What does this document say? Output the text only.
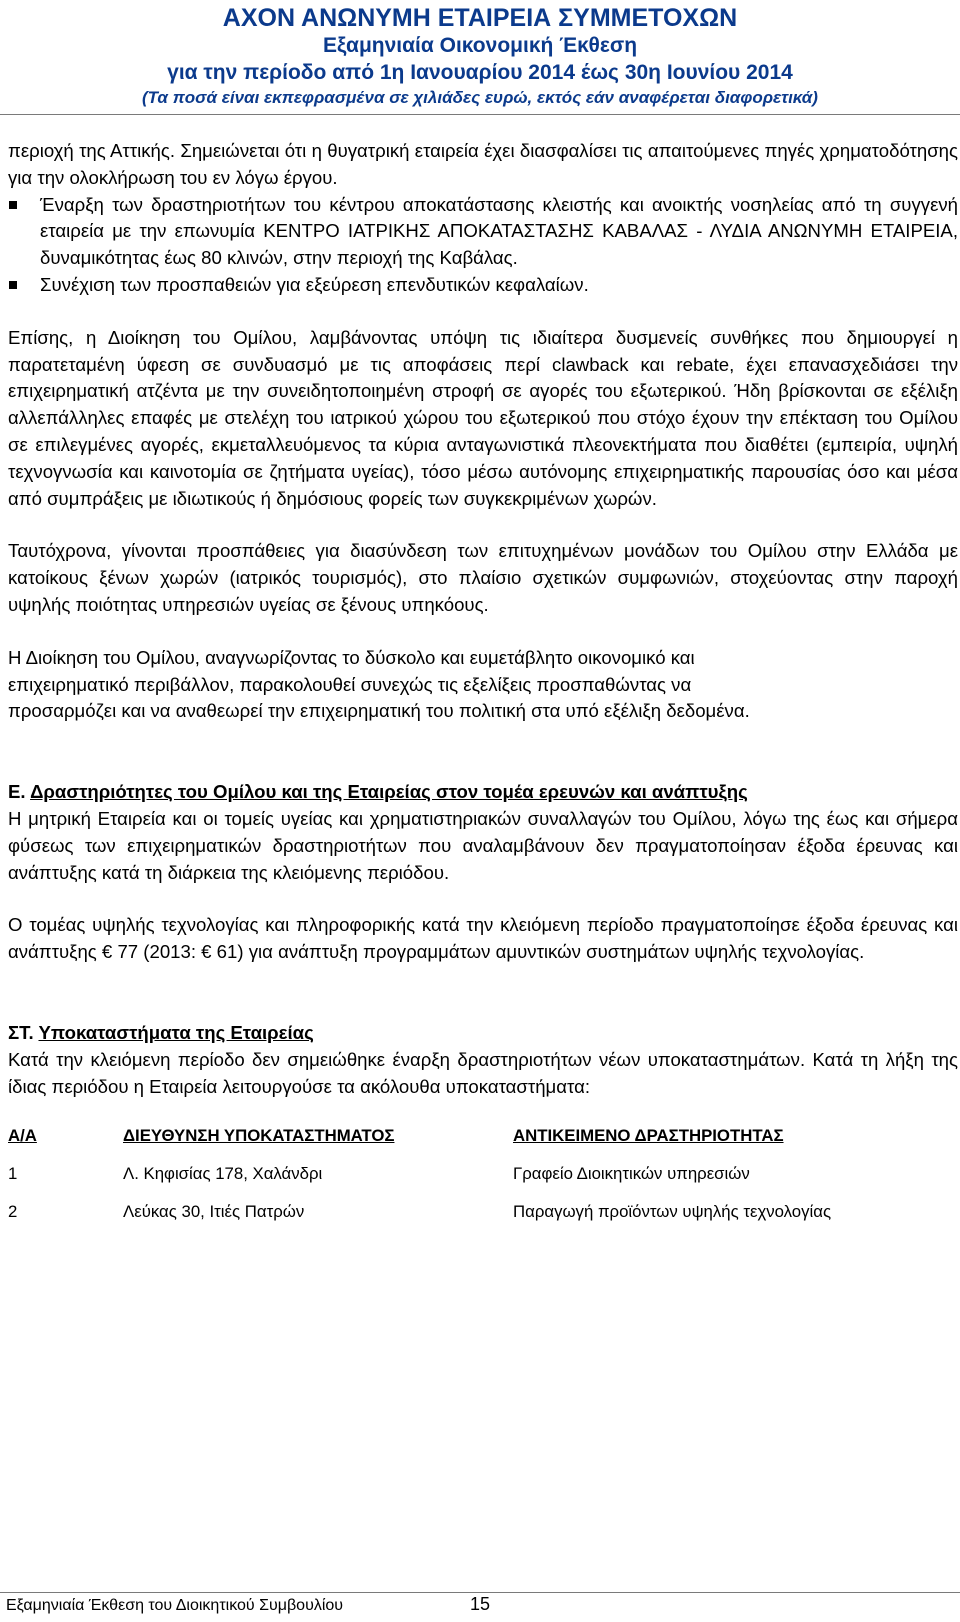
ΑΧΟΝ ΑΝΩΝΥΜΗ ΕΤΑΙΡΕΙΑ ΣΥΜΜΕΤΟΧΩΝ
Εξαμηνιαία Οικονομική Έκθεση
για την περίοδο από 1η Ιανουαρίου 2014 έως 30η Ιουνίου 2014
(Τα ποσά είναι εκπεφρασμένα σε χιλιάδες ευρώ, εκτός εάν αναφέρεται διαφορετικά)

περιοχή της Αττικής. Σημειώνεται ότι η θυγατρική εταιρεία έχει διασφαλίσει τις απαιτούμενες πηγές χρηματοδότησης για την ολοκλήρωση του εν λόγω έργου.

Έναρξη των δραστηριοτήτων του κέντρου αποκατάστασης κλειστής και ανοικτής νοσηλείας από τη συγγενή εταιρεία με την επωνυμία ΚΕΝΤΡΟ ΙΑΤΡΙΚΗΣ ΑΠΟΚΑΤΑΣΤΑΣΗΣ ΚΑΒΑΛΑΣ - ΛΥΔΙΑ ΑΝΩΝΥΜΗ ΕΤΑΙΡΕΙΑ, δυναμικότητας έως 80 κλινών, στην περιοχή της Καβάλας.
Συνέχιση των προσπαθειών για εξεύρεση επενδυτικών κεφαλαίων.

Επίσης, η Διοίκηση του Ομίλου, λαμβάνοντας υπόψη τις ιδιαίτερα δυσμενείς συνθήκες που δημιουργεί η παρατεταμένη ύφεση σε συνδυασμό με τις αποφάσεις περί clawback και rebate, έχει επανασχεδιάσει την επιχειρηματική ατζέντα με την συνειδητοποιημένη στροφή σε αγορές του εξωτερικού. Ήδη βρίσκονται σε εξέλιξη αλλεπάλληλες επαφές με στελέχη του ιατρικού χώρου του εξωτερικού που στόχο έχουν την επέκταση του Ομίλου σε επιλεγμένες αγορές, εκμεταλλευόμενος τα κύρια ανταγωνιστικά πλεονεκτήματα που διαθέτει (εμπειρία, υψηλή τεχνογνωσία και καινοτομία σε ζητήματα υγείας), τόσο μέσω αυτόνομης επιχειρηματικής παρουσίας όσο και μέσα από συμπράξεις με ιδιωτικούς ή δημόσιους φορείς των συγκεκριμένων χωρών.

Ταυτόχρονα, γίνονται προσπάθειες για διασύνδεση των επιτυχημένων μονάδων του Ομίλου στην Ελλάδα με κατοίκους ξένων χωρών (ιατρικός τουρισμός), στο πλαίσιο σχετικών συμφωνιών, στοχεύοντας στην παροχή υψηλής ποιότητας υπηρεσιών υγείας σε ξένους υπηκόους.

Η Διοίκηση του Ομίλου, αναγνωρίζοντας το δύσκολο και ευμετάβλητο οικονομικό και
επιχειρηματικό περιβάλλον, παρακολουθεί συνεχώς τις εξελίξεις προσπαθώντας να
προσαρμόζει και να αναθεωρεί την επιχειρηματική του πολιτική στα υπό εξέλιξη δεδομένα.

Ε. Δραστηριότητες του Ομίλου και της Εταιρείας στον τομέα ερευνών και ανάπτυξης

Η μητρική Εταιρεία και οι τομείς υγείας και χρηματιστηριακών συναλλαγών του Ομίλου, λόγω της έως και σήμερα φύσεως των επιχειρηματικών δραστηριοτήτων που αναλαμβάνουν δεν πραγματοποίησαν έξοδα έρευνας και ανάπτυξης κατά τη διάρκεια της κλειόμενης περιόδου.

Ο τομέας υψηλής τεχνολογίας και πληροφορικής κατά την κλειόμενη περίοδο πραγματοποίησε έξοδα έρευνας και ανάπτυξης € 77 (2013: € 61) για ανάπτυξη προγραμμάτων αμυντικών συστημάτων υψηλής τεχνολογίας.

ΣΤ. Υποκαταστήματα της Εταιρείας

Κατά την κλειόμενη περίοδο δεν σημειώθηκε έναρξη δραστηριοτήτων νέων υποκαταστημάτων. Κατά τη λήξη της ίδιας περιόδου η Εταιρεία λειτουργούσε τα ακόλουθα υποκαταστήματα:

Α/Α	ΔΙΕΥΘΥΝΣΗ ΥΠΟΚΑΤΑΣΤΗΜΑΤΟΣ	ΑΝΤΙΚΕΙΜΕΝΟ ΔΡΑΣΤΗΡΙΟΤΗΤΑΣ
1	Λ. Κηφισίας 178, Χαλάνδρι	Γραφείο Διοικητικών υπηρεσιών
2	Λεύκας 30, Ιτιές Πατρών	Παραγωγή προϊόντων υψηλής τεχνολογίας
Εξαμηνιαία Έκθεση του Διοικητικού Συμβουλίου	15
